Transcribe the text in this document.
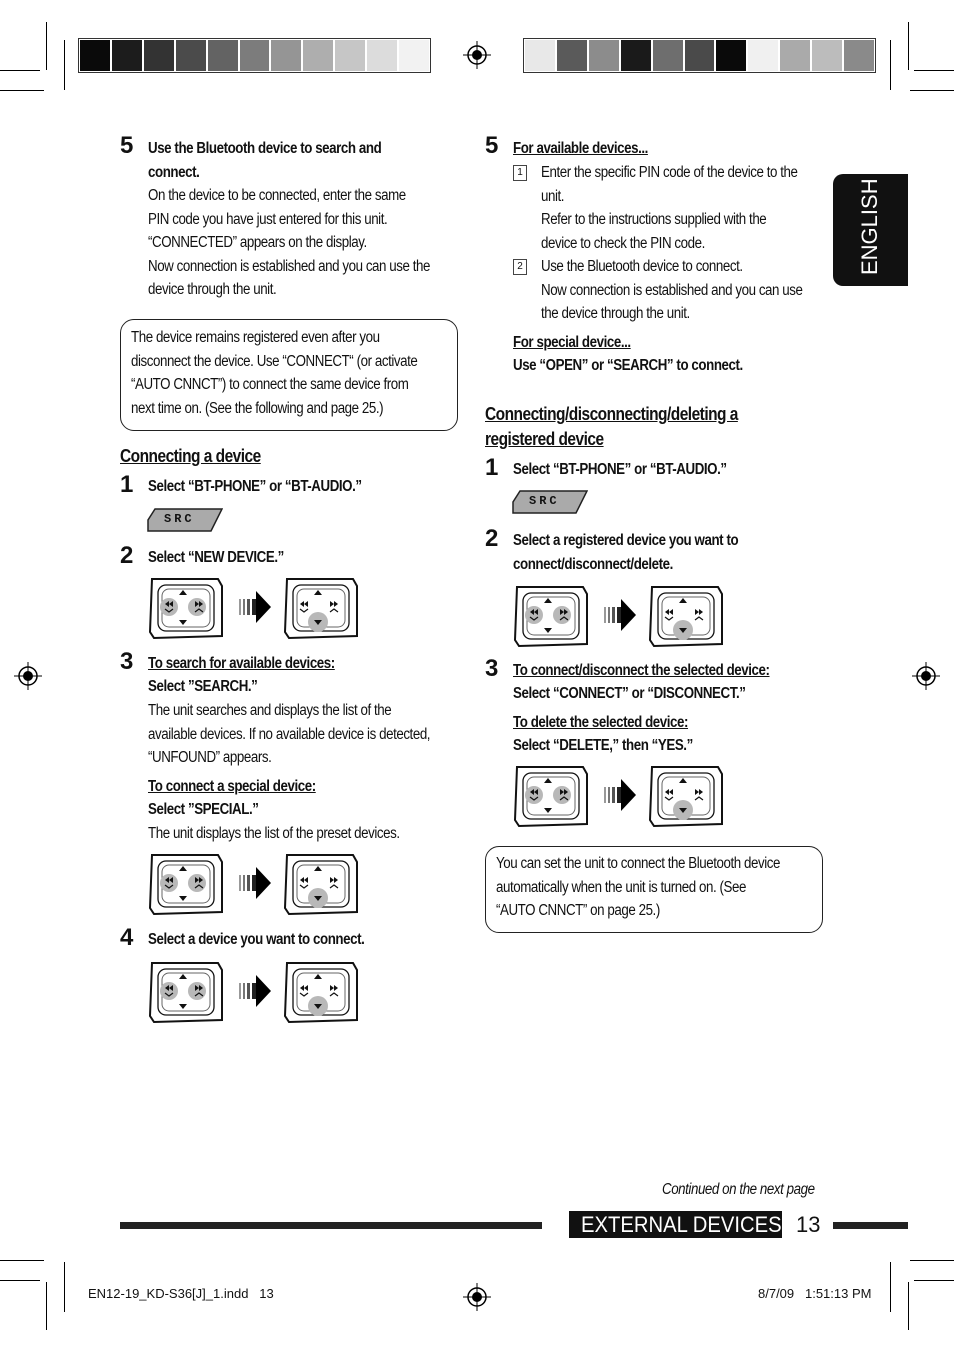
ENGLISH
5 Use the Bluetooth device to search and
connect.
On the device to be connected, enter the same
PIN code you have just entered for this unit.
“CONNECTED” appears on the display.
Now connection is established and you can use the
device through the unit.
The device remains registered even after you
disconnect the device. Use “CONNECT“ (or activate
“AUTO CNNCT”) to connect the same device from
next time on. (See the following and page 25.)
Connecting a device
1 Select “BT-PHONE” or “BT-AUDIO.”
SRC
2 Select “NEW DEVICE.”
3 To search for available devices:
Select ”SEARCH.”
The unit searches and displays the list of the
available devices. If no available device is detected,
“UNFOUND” appears.
To connect a special device:
Select ”SPECIAL.”
The unit displays the list of the preset devices.
4 Select a device you want to connect.
5 For available devices...
1 Enter the specific PIN code of the device to the
unit.
Refer to the instructions supplied with the
device to check the PIN code.
2 Use the Bluetooth device to connect.
Now connection is established and you can use
the device through the unit.
For special device...
Use “OPEN” or “SEARCH” to connect.
Connecting/disconnecting/deleting a
registered device
1 Select “BT-PHONE” or “BT-AUDIO.”
SRC
2 Select a registered device you want to
connect/disconnect/delete.
3 To connect/disconnect the selected device:
Select “CONNECT” or “DISCONNECT.”
To delete the selected device:
Select “DELETE,” then “YES.”
You can set the unit to connect the Bluetooth device
automatically when the unit is turned on. (See
“AUTO CNNCT” on page 25.)
Continued on the next page
EXTERNAL DEVICES 13
EN12-19_KD-S36[J]_1.indd   13	8/7/09   1:51:13 PM
